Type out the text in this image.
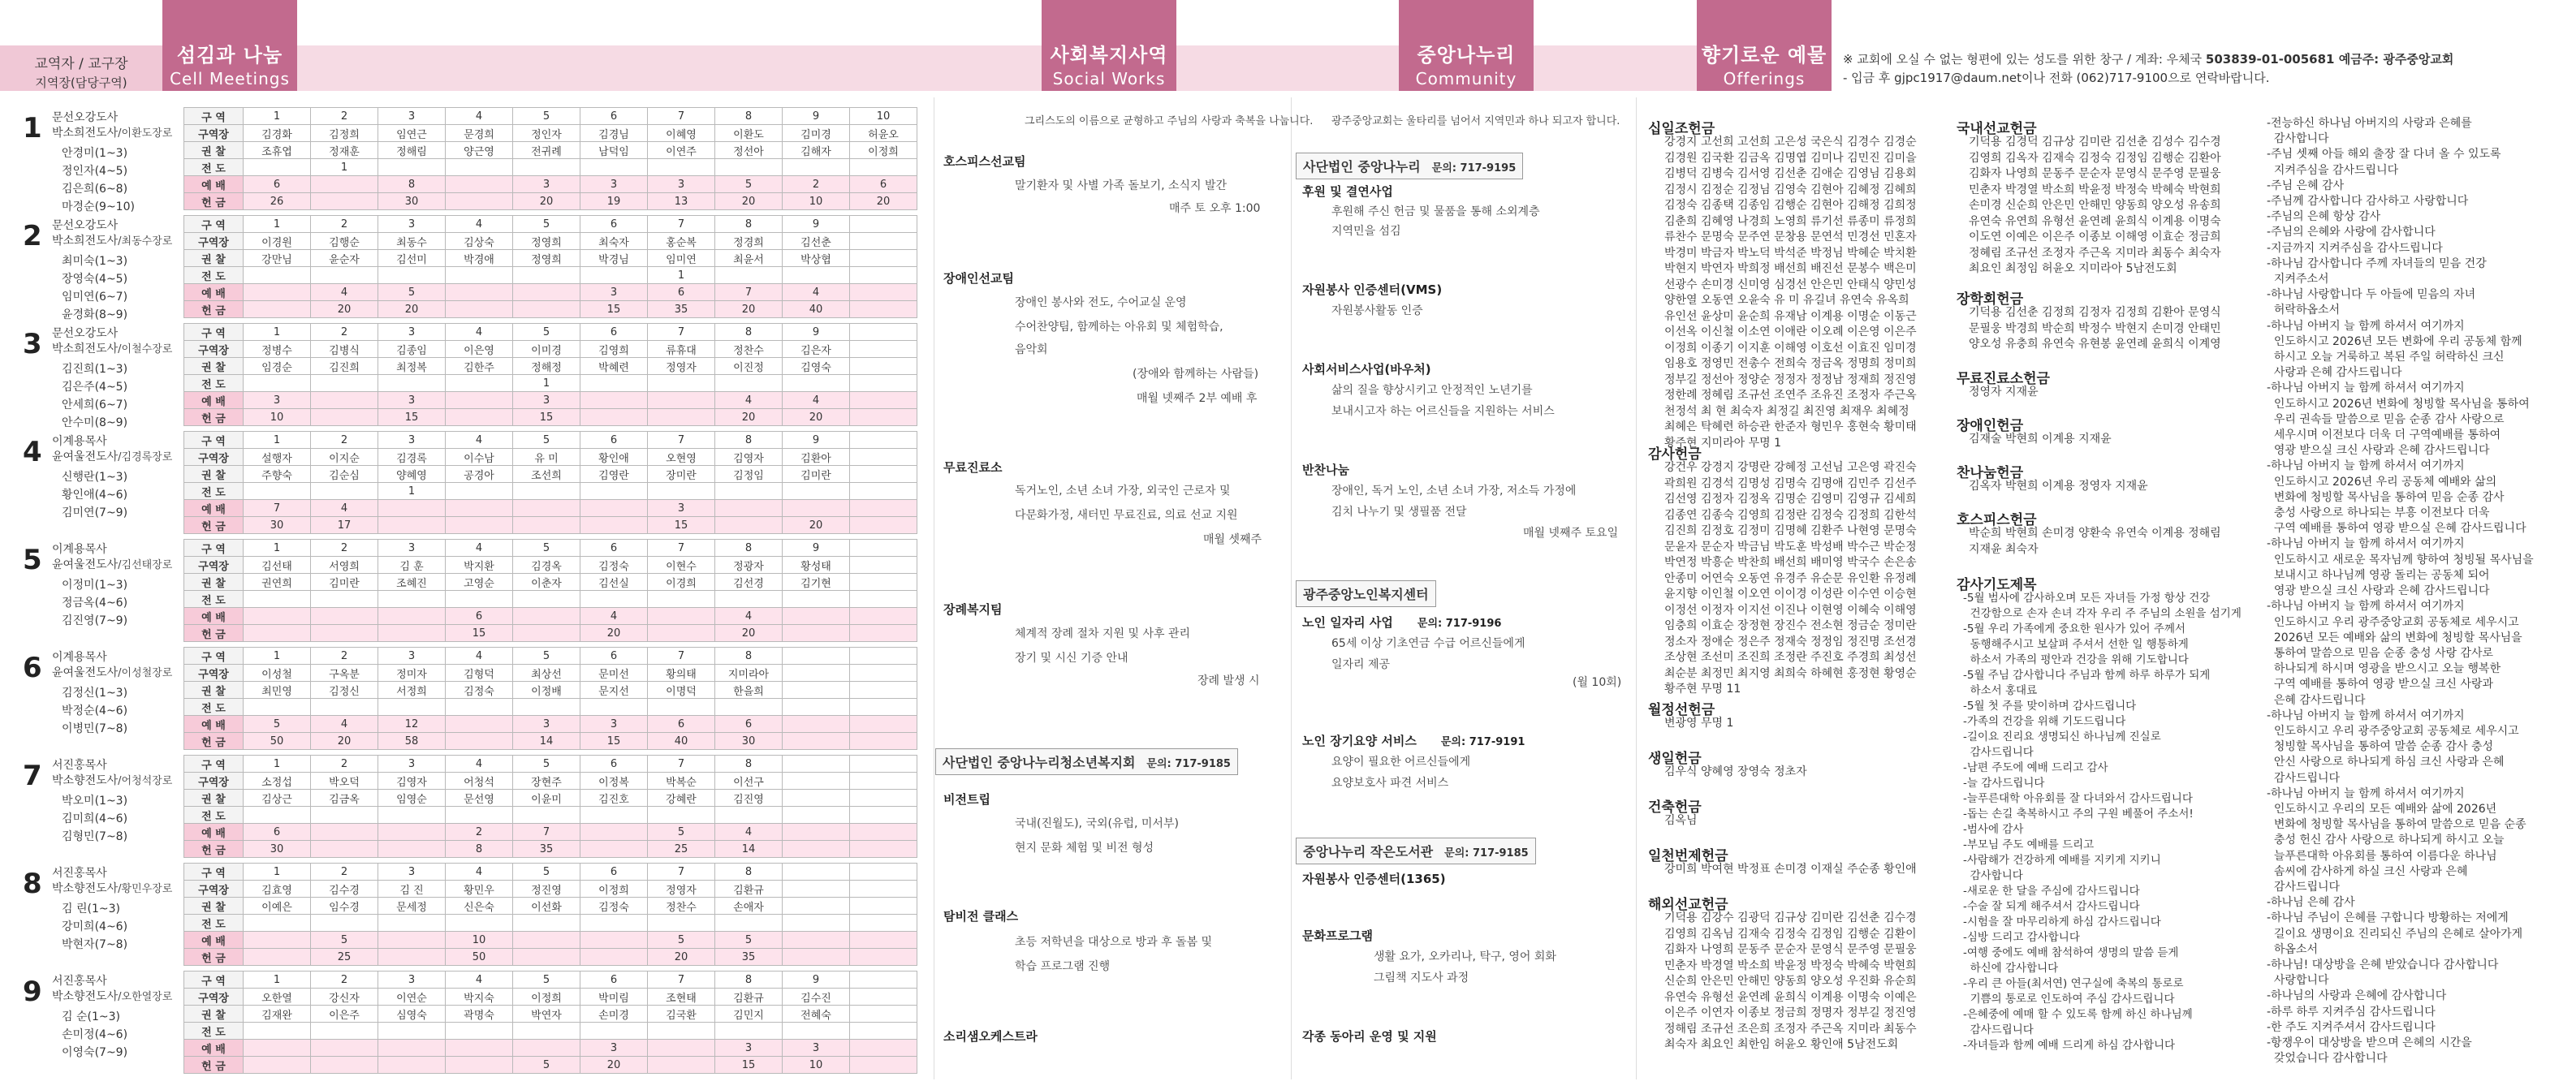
교역자 / 교구장
지역장(담당구역)
섬김과 나눔
Cell Meetings
사회복지사역
Social Works
중앙나누리
Community Center
향기로운 예물
Offerings
※ 교회에 오실 수 없는 형편에 있는 성도를 위한 창구 / 계좌: 우체국 503839-01-005681 예금주: 광주중앙교회
- 입금 후 gjpc1917@daum.net이나 전화 (062)717-9100으로 연락바랍니다.
1 문선오강도사
박소희전도사/이환도장로
안경미(1~3)
정인자(4~5)
김은희(6~8)
마경순(9~10)
구 역	1	2	3	4	5	6	7	8	9	10
구역장	김경화	김정희	임연근	문경희	정인자	김경님	이혜영	이환도	김미경	허윤오
권 찰	조휴엽	정재훈	정해림	양근영	전귀례	남덕임	이연주	정선아	김해자	이정희
전 도		1								
예 배	6		8		3	3	3	5	2	6
헌 금	26		30		20	19	13	20	10	20
2 문선오강도사
박소희전도사/최동수장로
최미숙(1~3)
장영숙(4~5)
임미연(6~7)
윤경화(8~9)
구 역	1	2	3	4	5	6	7	8	9	
구역장	이경원	김행순	최동수	김상숙	정영희	최숙자	홍순복	정경희	김선춘	
권 찰	강만님	윤순자	김선미	박경애	정영희	박경님	임미연	최윤서	박상협	
전 도							1			
예 배		4	5			3	6	7	4	
헌 금		20	20			15	35	20	40	
3 문선오강도사
박소희전도사/이철수장로
김진희(1~3)
김은주(4~5)
안세희(6~7)
안수미(8~9)
구 역	1	2	3	4	5	6	7	8	9	
구역장	정병수	김병식	김종임	이은영	이미경	김영희	류휴대	정찬수	김은자	
권 찰	임경순	김진희	최정복	김한주	정해정	박혜련	정영자	이진정	김영숙	
전 도					1					
예 배	3		3		3			4	4	
헌 금	10		15		15			20	20	
4 이계용목사
윤여울전도사/김경록장로
신행란(1~3)
황인애(4~6)
김미연(7~9)
구 역	1	2	3	4	5	6	7	8	9	
구역장	설행자	이지순	김경록	이수남	유 미	황인애	오현영	김영자	김환아	
권 찰	주향숙	김순심	양혜영	공경아	조선희	김영란	장미란	김정임	김미란	
전 도			1							
예 배	7	4					3			
헌 금	30	17					15		20	
5 이계용목사
윤여울전도사/김선태장로
이정미(1~3)
정금옥(4~6)
김진영(7~9)
구 역	1	2	3	4	5	6	7	8	9	
구역장	김선태	서영희	김 훈	박지환	김경옥	김정숙	이현수	정광자	황성태	
권 찰	권연희	김미란	조혜진	고영순	이춘자	김선실	이경희	김선경	김기현	
전 도										
예 배				6		4		4		
헌 금				15		20		20		
6 이계용목사
윤여울전도사/이성철장로
김정신(1~3)
박정순(4~6)
이병민(7~8)
구 역	1	2	3	4	5	6	7	8		
구역장	이성철	구옥분	정미자	김형덕	최상선	문미선	황의태	지미라아		
권 찰	최민영	김정신	서정희	김정숙	이정배	문지선	이명덕	한을희		
전 도										
예 배	5	4	12		3	3	6	6		
헌 금	50	20	58		14	15	40	30		
7 서진홍목사
박소향전도사/어청석장로
박오미(1~3)
김미희(4~6)
김형민(7~8)
구 역	1	2	3	4	5	6	7	8		
구역장	소정섭	박오덕	김영자	어청석	장현주	이정복	박복순	이선구		
권 찰	김상근	김금옥	임영순	문선영	이윤미	김진호	강혜란	김진영		
전 도										
예 배	6			2	7		5	4		
헌 금	30			8	35		25	14		
8 서진홍목사
박소향전도사/황민우장로
김 린(1~3)
강미희(4~6)
박현자(7~8)
구 역	1	2	3	4	5	6	7	8		
구역장	김효영	김수경	김 진	황민우	정진영	이정희	정영자	김환규		
권 찰	이예은	임수경	문세정	신은숙	이선화	김정숙	정찬수	손애자		
전 도										
예 배		5		10			5	5		
헌 금		25		50			20	35		
9 서진홍목사
박소향전도사/오한열장로
김 순(1~3)
손미정(4~6)
이영숙(7~9)
구 역	1	2	3	4	5	6	7	8	9	
구역장	오한열	강신자	이연순	박지숙	이정희	박미림	조현태	김환규	김수진	
권 찰	김재완	이은주	심영숙	곽명숙	박연자	손미경	김국환	김민지	전혜숙	
전 도										
예 배						3		3	3	
헌 금					5	20		15	10	
그리스도의 이름으로 균형하고 주님의 사랑과 축복을 나눕니다.
호스피스선교팀
말기환자 및 사별 가족 돌보기, 소식지 발간
매주 토 오후 1:00
장애인선교팀
장애인 봉사와 전도, 수어교실 운영
수어찬양팀, 함께하는 아유회 및 체험학습,
음악회
(장애와 함께하는 사람들)
매월 넷째주 2부 예배 후
무료진료소
독거노인, 소년 소녀 가장, 외국인 근로자 및
다문화가정, 새터민 무료진료, 의료 선교 지원
매월 셋째주
장례복지팀
체계적 장례 절차 지원 및 사후 관리
장기 및 시신 기증 안내
장례 발생 시
사단법인 중앙나누리청소년복지회 문의: 717-9185
비전트립
국내(진월도), 국외(유럽, 미서부)
현지 문화 체험 및 비전 형성
탐비전 클래스
초등 저학년을 대상으로 방과 후 돌봄 및
학습 프로그램 진행
소리샘오케스트라
광주중앙교회는 울타리를 넘어서 지역민과 하나 되고자 합니다.
사단법인 중앙나누리 문의: 717-9195
후원 및 결연사업
후원해 주신 헌금 및 물품을 통해 소외계층
지역민을 섬김
자원봉사 인증센터(VMS)
자원봉사활동 인증
사회서비스사업(바우처)
삶의 질을 향상시키고 안정적인 노년기를
보내시고자 하는 어르신들을 지원하는 서비스
반찬나눔
장애인, 독거 노인, 소년 소녀 가장, 저소득 가정에
김치 나누기 및 생필품 전달
매월 넷째주 토요일
광주중앙노인복지센터
노인 일자리 사업 문의: 717-9196
65세 이상 기초연금 수급 어르신들에게
일자리 제공
(월 10회)
노인 장기요양 서비스 문의: 717-9191
요양이 필요한 어르신들에게
요양보호사 파견 서비스
중앙나누리 작은도서관 문의: 717-9185
자원봉사 인증센터(1365)
문화프로그램
생활 요가, 오카리나, 탁구, 영어 회화
그림책 지도사 과정
각종 동아리 운영 및 지원
십일조헌금
강경지 고선희 고선희 고은성 국은식 김경수 김경순
김경원 김국환 김금옥 김명엽 김미나 김민진 김미을
김병덕 김병숙 김서영 김선춘 김애순 김영님 김용회
김정시 김정순 김정님 김영숙 김현아 김혜정 김혜희
김정숙 김종택 김종임 김행순 김현아 김해정 김희정
김춘희 김혜영 나경희 노영희 류기선 류종미 류정희
류찬수 문명숙 문주연 문창용 문연석 민경선 민혼자
박경미 박금자 박노덕 박석준 박정님 박혜순 박치환
박현지 박연자 박희정 배선희 배진선 문봉수 백은미
선광수 손미경 신미영 심경선 안은민 안태식 양민성
양한열 오동연 오윤숙 유 미 유길녀 유연숙 유옥희
유인선 윤상미 윤순희 유재남 이계용 이명순 이동근
이선옥 이신철 이소연 이애란 이오례 이은영 이은주
이정희 이종기 이지훈 이해영 이호선 이효진 임미경
임용호 정영민 전총수 전희숙 정금옥 정명희 정미희
정부길 정선아 정양순 정정자 정정남 정재희 정진영
정한례 정혜림 조규선 조연주 조유진 조정자 주근옥
천정석 최 현 최숙자 최정길 최진영 최재우 최혜정
최혜은 탁혜련 하승관 한준자 형민우 홍현숙 황미태
황주현 지미라아 무명 1
감사헌금
강건우 강경지 강명란 강혜정 고선님 고은영 곽진숙
곽희원 김경석 김명성 김명숙 김명애 김민주 김선주
김선영 김정자 김정옥 김명순 김영미 김영규 김세희
김종연 김종숙 김영희 김정란 김정숙 김정희 김한석
김진희 김정호 김정미 김명혜 김환주 나현영 문명숙
문윤자 문순자 박금님 박도훈 박성배 박수근 박순정
박연정 박흥순 박찬희 배선희 배미영 박국수 손은송
안종미 어연숙 오동연 유경주 유순문 유인환 유정례
윤지향 이인철 이오연 이이경 이성란 이수연 이승현
이정선 이정자 이지선 이진나 이현영 이혜숙 이해영
임충희 이효순 장정현 장진수 전소현 정금순 정미란
정소자 정애순 정은주 정재숙 정정임 정진명 조선경
조상현 조선미 조진희 조정란 주진호 주경희 최성선
최순분 최정민 최지영 최희숙 하혜현 홍정현 황영순
황주현 무명 11
월정선헌금
변광영 무명 1
생일헌금
김우식 양혜영 장영숙 정초자
건축헌금
김옥님
일천번제헌금
강미희 박여현 박정표 손미경 이재실 주순종 황인애
해외선교헌금
기덕용 김강수 김광덕 김규상 김미란 김선춘 김수경
김영희 김옥님 김재숙 김정숙 김정임 김행순 김환이
김화자 나영희 문동주 문순자 문영식 문주영 문필웅
민춘자 박경열 박소희 박윤정 박정숙 박혜숙 박현희
신순희 안은민 안해민 양동희 양오성 우진화 유순희
유연숙 유형선 윤연례 윤희식 이계용 이명숙 이예은
이은주 이연자 이종보 정금희 정명자 정부길 정진영
정해림 조규선 조은희 조정자 주근옥 지미라 최동수
최숙자 최요인 최한임 허윤오 황인애 5남전도회
국내선교헌금
기덕용 김경덕 김규상 김미란 김선춘 김성수 김수경
김영희 김옥자 김재숙 김정숙 김정임 김행순 김환아
김화자 나영희 문동주 문순자 문영식 문주영 문필웅
민춘자 박경열 박소희 박윤정 박정숙 박혜숙 박현희
손미경 신순희 안은민 안해민 양동희 양오성 유송희
유연숙 유연희 유형선 윤연례 윤희식 이계용 이명숙
이도연 이예은 이은주 이종보 이해영 이효순 정금희
정혜림 조규선 조정자 주근옥 지미라 최동수 최숙자
최요인 최정임 허윤오 지미라아 5남전도회
장학회헌금
기덕용 김선춘 김정희 김정자 김정희 김환아 문영식
문필웅 박경희 박순희 박정수 박현지 손미경 안태민
양오성 유충희 유연숙 유현봉 윤연례 윤희식 이계영
무료진료소헌금
정영자 지재윤
장애인헌금
김재술 박현희 이계용 지재윤
찬나눔헌금
김옥자 박현희 이계용 정영자 지재윤
호스피스헌금
박순희 박현희 손미경 양환숙 유연숙 이계용 정해림
지재윤 최숙자
감사기도제목
-5월 범사에 감사하오며 모든 자녀들 가정 항상 건강
건강함으로 손자 손녀 각자 우리 주 주님의 소원을 섬기게
-5월 우리 가족에게 중요한 원사가 있어 주께서
동행해주시고 보살펴 주셔서 선한 일 행통하게
하소서 가족의 평안과 건강을 위해 기도합니다
-5월 주님 감사합니다 주님과 함께 하루 하루가 되게
하소서 홍대료
-5월 첫 주를 맞이하며 감사드립니다
-가족의 건강을 위해 기도드립니다
-길이요 진리요 생명되신 하나님께 진실로
감사드립니다
-남편 주도에 예배 드리고 감사
-늘 감사드립니다
-늘푸른대학 아유회를 잘 다녀와서 감사드립니다
-돕는 손길 축복하시고 주의 구원 베풀어 주소서!
-범사에 감사
-부모님 주도 예배를 드리고
-사람해가 건강하게 예배를 지키게 지키니
감사합니다
-새로운 한 달을 주심에 감사드립니다
-수술 잘 되게 해주셔서 감사드립니다
-시험을 잘 마무리하게 하심 감사드립니다
-심방 드리고 감사합니다
-여행 중에도 예배 참석하여 생명의 말씀 듣게
하신에 감사합니다
-우리 큰 아들(최서연) 연구실에 축복의 통로로
기쁨의 통로로 인도하여 주심 감사드립니다
-은혜중에 예매 할 수 있도록 함께 하신 하나님께
감사드립니다
-자녀들과 함께 예배 드리게 하심 감사합니다
-전능하신 하나님 아버지의 사랑과 은혜를
감사합니다
-주님 셋째 아들 해외 출장 잘 다녀 올 수 있도록
지켜주심을 감사드립니다
-주님 은혜 감사
-주님께 감사합니다 감사하고 사랑합니다
-주님의 은혜 항상 감사
-주님의 은혜와 사랑에 감사합니다
-지금까지 지켜주심을 감사드립니다
-하나님 감사합니다 주께 자녀들의 믿음 건강
지켜주소서
-하나님 사랑합니다 두 아들에 믿음의 자녀
허락하옵소서
-하나님 아버지 늘 함께 하셔서 여기까지
인도하시고 2026년 모든 변화에 우리 공동체 함께
하시고 오늘 거룩하고 복된 주일 허락하신 크신
사랑과 은혜 감사드립니다
-하나님 아버지 늘 함께 하셔서 여기까지
인도하시고 2026년 변화에 청빙할 목사님을 통하여
우리 권속들 말씀으로 믿음 순종 감사 사랑으로
세우시며 이전보다 더욱 더 구역예배를 통하여
영광 받으실 크신 사랑과 은혜 감사드립니다
-하나님 아버지 늘 함께 하셔서 여기까지
인도하시고 2026년 우리 공동체 예배와 삶의
변화에 청빙할 목사님을 통하여 믿음 순종 감사
충성 사랑으로 하나되는 부흥 이전보다 더욱
구역 예배를 통하여 영광 받으실 은혜 감사드립니다
-하나님 아버지 늘 함께 하셔서 여기까지
인도하시고 새로운 목자님께 향하여 청빙될 목사님을
보내시고 하나님께 영광 돌리는 공동체 되어
영광 받으실 크신 사랑과 은혜 감사드립니다
-하나님 아버지 늘 함께 하셔서 여기까지
인도하시고 우리 광주중앙교회 공동체로 세우시고
2026년 모든 예배와 삶의 변화에 청빙할 목사님을
통하여 말씀으로 믿음 순종 충성 사랑 감사로
하나되게 하시며 영광을 받으시고 오늘 행복한
구역 예배를 통하여 영광 받으실 크신 사랑과
은혜 감사드립니다
-하나님 아버지 늘 함께 하셔서 여기까지
인도하시고 우리 광주중앙교회 공동체로 세우시고
청빙할 목사님을 통하여 말씀 순종 감사 충성
안신 사랑으로 하나되게 하심 크신 사랑과 은혜
감사드립니다
-하나님 아버지 늘 함께 하셔서 여기까지
인도하시고 우리의 모든 예배와 삶에 2026년
변화에 청빙할 목사님을 통하여 말씀으로 믿음 순종
충성 헌신 감사 사랑으로 하나되게 하시고 오늘
늘푸른대학 아유회를 통하여 이름다운 하나님
솜씨에 감사하게 하실 크신 사랑과 은혜
감사드립니다
-하나님 은혜 감사
-하나님 주님이 은혜를 구합니다 방황하는 저에게
길이요 생명이요 진리되신 주님의 은혜로 살아가게
하옵소서
-하나님! 대상방을 은혜 받았습니다 감사합니다
사랑합니다
-하나님의 사랑과 은혜에 감사합니다
-하루 하루 지켜주심 감사드립니다
-한 주도 지켜주셔서 감사드립니다
-항쟁우이 대상방을 받으며 은혜의 시간을
갖었습니다 감사합니다
